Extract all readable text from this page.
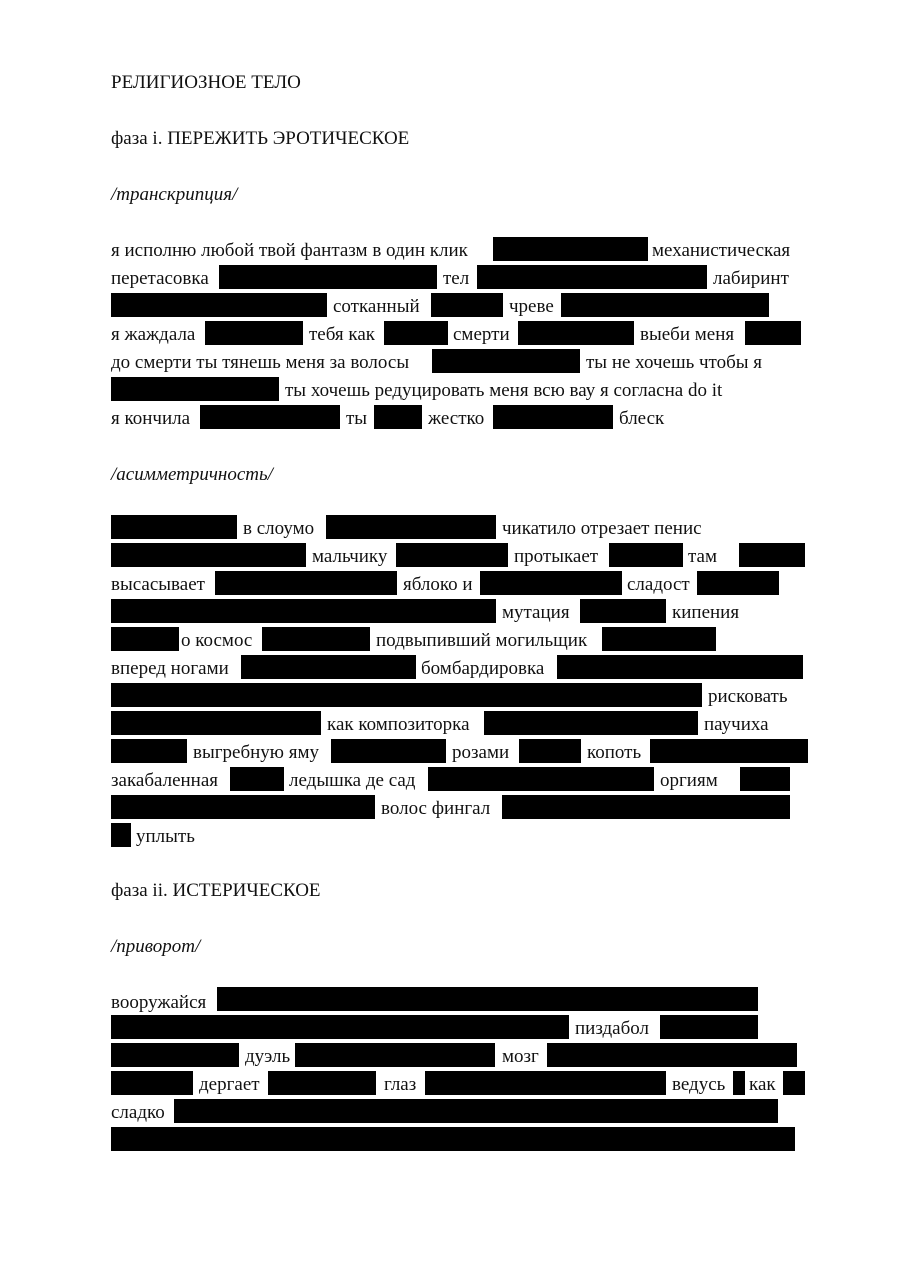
РЕЛИГИОЗНОЕ ТЕЛО
фаза i. ПЕРЕЖИТЬ ЭРОТИЧЕСКОЕ
/транскрипция/
я исполню любой твой фантазм в один клик	механистическая
перетасовка	тел	лабиринт
сотканный	чреве
я жаждала	тебя как	смерти	выеби меня
до смерти ты тянешь меня за волосы	ты не хочешь чтобы я
ты хочешь редуцировать меня всю вау я согласна do it
я кончила	ты	жестко	блеск
/асимметричность/
в слоумо	чикатило отрезает пенис
мальчику	протыкает	там
высасывает	яблоко и	сладост
мутация	кипения
о космос	подвыпивший могильщик
вперед ногами	бомбардировка
рисковать
как композиторка	паучиха
выгребную яму	розами	копоть
закабаленная	ледышка де сад	оргиям
волос фингал
уплыть
фаза ii. ИСТЕРИЧЕСКОЕ
/приворот/
вооружайся
пиздабол
дуэль	мозг
дергает	глаз	ведусь как
сладко
